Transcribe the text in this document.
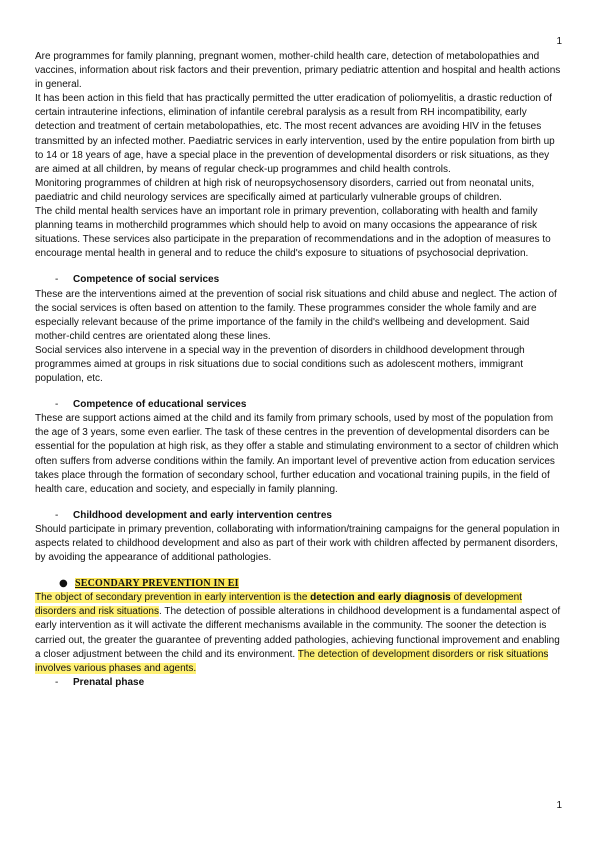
1

Are programmes for family planning, pregnant women, mother-child health care, detection of metabolopathies and vaccines, information about risk factors and their prevention, primary pediatric attention and hospital and health actions in general.

It has been action in this field that has practically permitted the utter eradication of poliomyelitis, a drastic reduction of certain intrauterine infections, elimination of infantile cerebral paralysis as a result from RH incompatibility, early detection and treatment of certain metabolopathies, etc. The most recent advances are avoiding HIV in the fetuses transmitted by an infected mother. Paediatric services in early intervention, used by the entire population from birth up to 14 or 18 years of age, have a special place in the prevention of developmental disorders or risk situations, as they are aimed at all children, by means of regular check-up programmes and child health controls.

Monitoring programmes of children at high risk of neuropsychosensory disorders, carried out from neonatal units, paediatric and child neurology services are specifically aimed at particularly vulnerable groups of children.

The child mental health services have an important role in primary prevention, collaborating with health and family planning teams in motherchild programmes which should help to avoid on many occasions the appearance of risk situations. These services also participate in the preparation of recommendations and in the adoption of measures to encourage mental health in general and to reduce the child's exposure to situations of psychosocial deprivation.

-	Competence of social services

These are the interventions aimed at the prevention of social risk situations and child abuse and neglect. The action of the social services is often based on attention to the family. These programmes consider the whole family and are especially relevant because of the prime importance of the family in the child's wellbeing and development. Said mother-child centres are orientated along these lines.

Social services also intervene in a special way in the prevention of disorders in childhood development through programmes aimed at groups in risk situations due to social conditions such as adolescent mothers, immigrant population, etc.

-	Competence of educational services

These are support actions aimed at the child and its family from primary schools, used by most of the population from the age of 3 years, some even earlier. The task of these centres in the prevention of developmental disorders can be essential for the population at high risk, as they offer a stable and stimulating environment to a sector of children which often suffers from adverse conditions within the family. An important level of preventive action from education services takes place through the formation of secondary school, further education and vocational training pupils, in the field of health care, education and society, and especially in family planning.

-	Childhood development and early intervention centres

Should participate in primary prevention, collaborating with information/training campaigns for the general population in aspects related to childhood development and also as part of their work with children affected by permanent disorders, by avoiding the appearance of additional pathologies.

● SECONDARY PREVENTION IN EI

The object of secondary prevention in early intervention is the detection and early diagnosis of development disorders and risk situations. The detection of possible alterations in childhood development is a fundamental aspect of early intervention as it will activate the different mechanisms available in the community. The sooner the detection is carried out, the greater the guarantee of preventing added pathologies, achieving functional improvement and enabling a closer adjustment between the child and its environment. The detection of development disorders or risk situations involves various phases and agents.

-	Prenatal phase
1
